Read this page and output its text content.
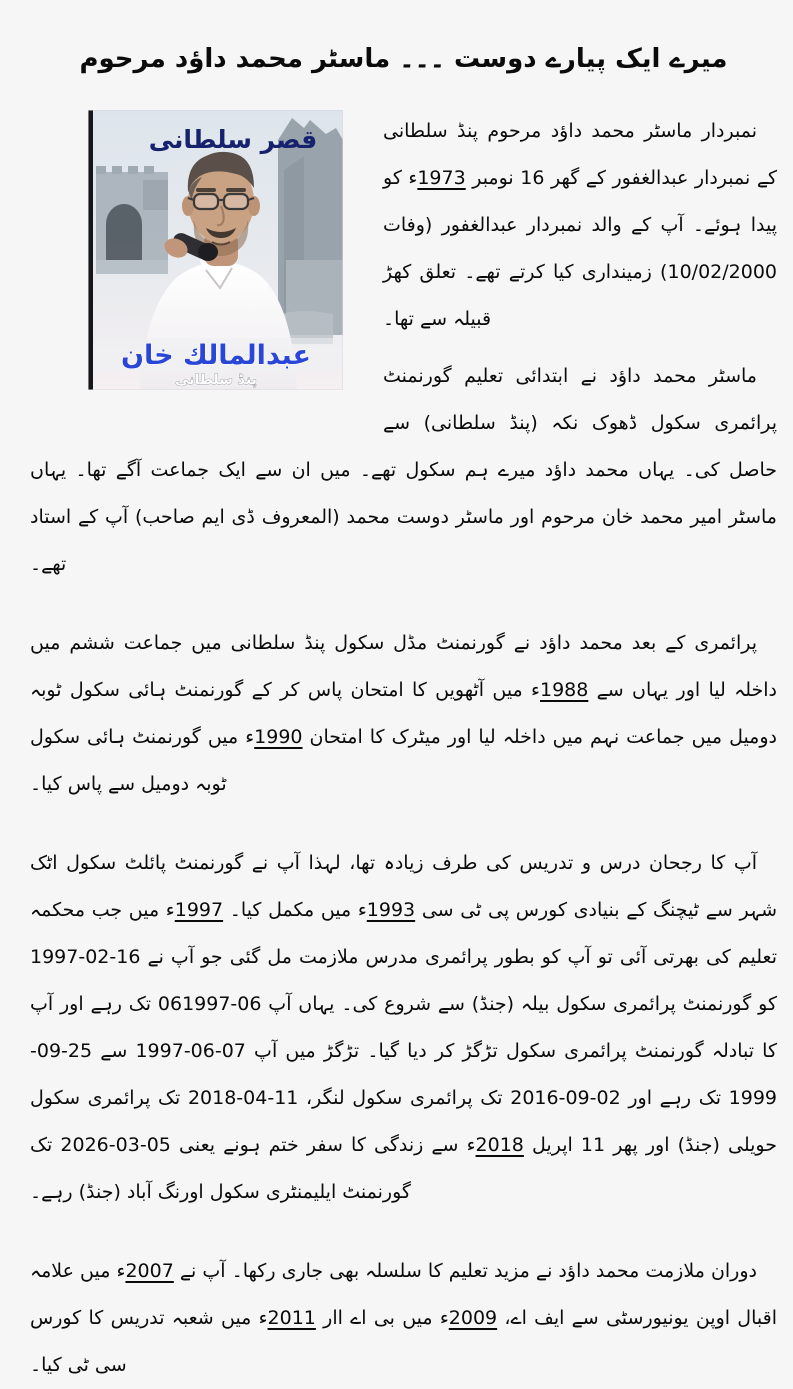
میرے ایک پیارے دوست ۔۔۔ ماسٹر محمد داؤد مرحوم
قصر سلطانی
عبدالمالك خان
پنڈ سلطانی

نمبردار ماسٹر محمد داؤد مرحوم پنڈ سلطانی کے نمبردار عبدالغفور کے گھر 16 نومبر 1973ء کو پیدا ہوئے۔ آپ کے والد نمبردار عبدالغفور (وفات 10/02/2000) زمینداری کیا کرتے تھے۔ تعلق کھڑ قبیلہ سے تھا۔

ماسٹر محمد داؤد نے ابتدائی تعلیم گورنمنٹ پرائمری سکول ڈھوک نکہ (پنڈ سلطانی) سے حاصل کی۔ یہاں محمد داؤد میرے ہم سکول تھے۔ میں ان سے ایک جماعت آگے تھا۔ یہاں ماسٹر امیر محمد خان مرحوم اور ماسٹر دوست محمد (المعروف ڈی ایم صاحب) آپ کے استاد تھے۔

پرائمری کے بعد محمد داؤد نے گورنمنٹ مڈل سکول پنڈ سلطانی میں جماعت ششم میں داخلہ لیا اور یہاں سے 1988ء میں آٹھویں کا امتحان پاس کر کے گورنمنٹ ہائی سکول ٹوبہ دومیل میں جماعت نہم میں داخلہ لیا اور میٹرک کا امتحان 1990ء میں گورنمنٹ ہائی سکول ٹوبہ دومیل سے پاس کیا۔

آپ کا رجحان درس و تدریس کی طرف زیادہ تھا، لہذا آپ نے گورنمنٹ پائلٹ سکول اٹک شہر سے ٹیچنگ کے بنیادی کورس پی ٹی سی 1993ء میں مکمل کیا۔ 1997ء میں جب محکمہ تعلیم کی بھرتی آئی تو آپ کو بطور پرائمری مدرس ملازمت مل گئی جو آپ نے 16-02-1997 کو گورنمنٹ پرائمری سکول بیلہ (جنڈ) سے شروع کی۔ یہاں آپ 06-061997 تک رہے اور آپ کا تبادلہ گورنمنٹ پرائمری سکول تڑگڑ کر دیا گیا۔ تڑگڑ میں آپ 07-06-1997 سے 25-09-1999 تک رہے اور 02-09-2016 تک پرائمری سکول لنگر، 11-04-2018 تک پرائمری سکول حویلی (جنڈ) اور پھر 11 اپریل 2018ء سے زندگی کا سفر ختم ہونے یعنی 05-03-2026 تک گورنمنٹ ایلیمنٹری سکول اورنگ آباد (جنڈ) رہے۔

دوران ملازمت محمد داؤد نے مزید تعلیم کا سلسلہ بھی جاری رکھا۔ آپ نے 2007ء میں علامہ اقبال اوپن یونیورسٹی سے ایف اے، 2009ء میں بی اے اار 2011ء میں شعبہ تدریس کا کورس سی ٹی کیا۔
